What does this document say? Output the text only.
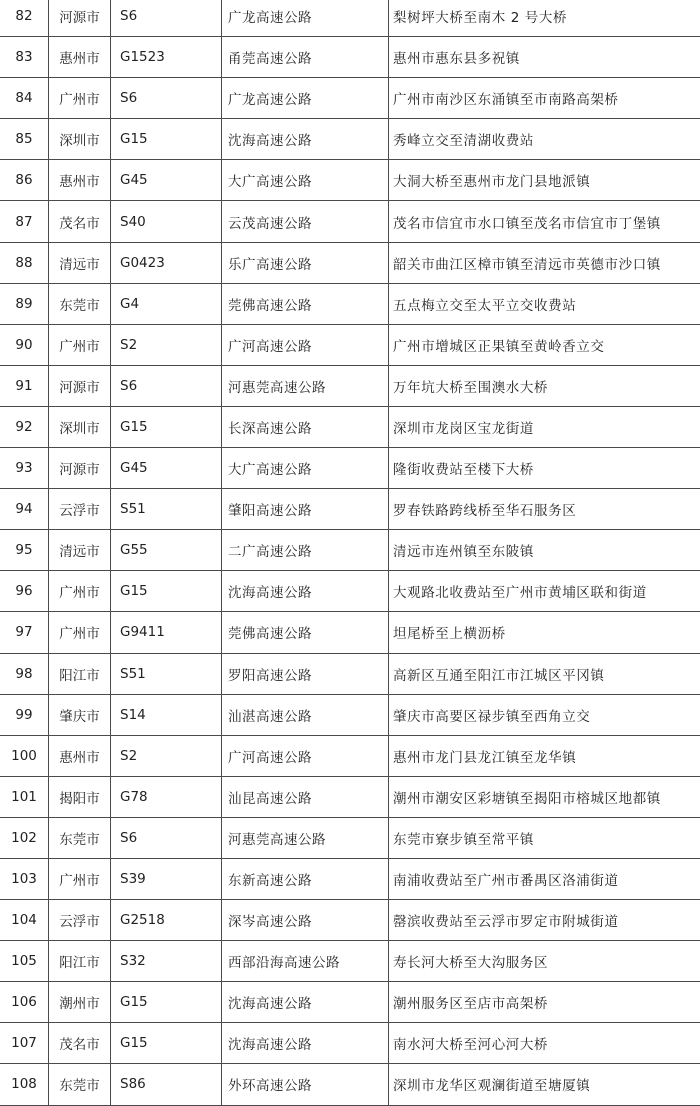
82	河源市	S6	广龙高速公路	梨树坪大桥至南木 2 号大桥
83	惠州市	G1523	甬莞高速公路	惠州市惠东县多祝镇
84	广州市	S6	广龙高速公路	广州市南沙区东涌镇至市南路高架桥
85	深圳市	G15	沈海高速公路	秀峰立交至清湖收费站
86	惠州市	G45	大广高速公路	大洞大桥至惠州市龙门县地派镇
87	茂名市	S40	云茂高速公路	茂名市信宜市水口镇至茂名市信宜市丁堡镇
88	清远市	G0423	乐广高速公路	韶关市曲江区樟市镇至清远市英德市沙口镇
89	东莞市	G4	莞佛高速公路	五点梅立交至太平立交收费站
90	广州市	S2	广河高速公路	广州市增城区正果镇至黄岭香立交
91	河源市	S6	河惠莞高速公路	万年坑大桥至围澳水大桥
92	深圳市	G15	长深高速公路	深圳市龙岗区宝龙街道
93	河源市	G45	大广高速公路	隆街收费站至楼下大桥
94	云浮市	S51	肇阳高速公路	罗春铁路跨线桥至华石服务区
95	清远市	G55	二广高速公路	清远市连州镇至东陂镇
96	广州市	G15	沈海高速公路	大观路北收费站至广州市黄埔区联和街道
97	广州市	G9411	莞佛高速公路	坦尾桥至上横沥桥
98	阳江市	S51	罗阳高速公路	高新区互通至阳江市江城区平冈镇
99	肇庆市	S14	汕湛高速公路	肇庆市高要区禄步镇至西角立交
100	惠州市	S2	广河高速公路	惠州市龙门县龙江镇至龙华镇
101	揭阳市	G78	汕昆高速公路	潮州市潮安区彩塘镇至揭阳市榕城区地都镇
102	东莞市	S6	河惠莞高速公路	东莞市寮步镇至常平镇
103	广州市	S39	东新高速公路	南浦收费站至广州市番禺区洛浦街道
104	云浮市	G2518	深岑高速公路	罄滨收费站至云浮市罗定市附城街道
105	阳江市	S32	西部沿海高速公路	寿长河大桥至大沟服务区
106	潮州市	G15	沈海高速公路	潮州服务区至店市高架桥
107	茂名市	G15	沈海高速公路	南水河大桥至河心河大桥
108	东莞市	S86	外环高速公路	深圳市龙华区观澜街道至塘厦镇
